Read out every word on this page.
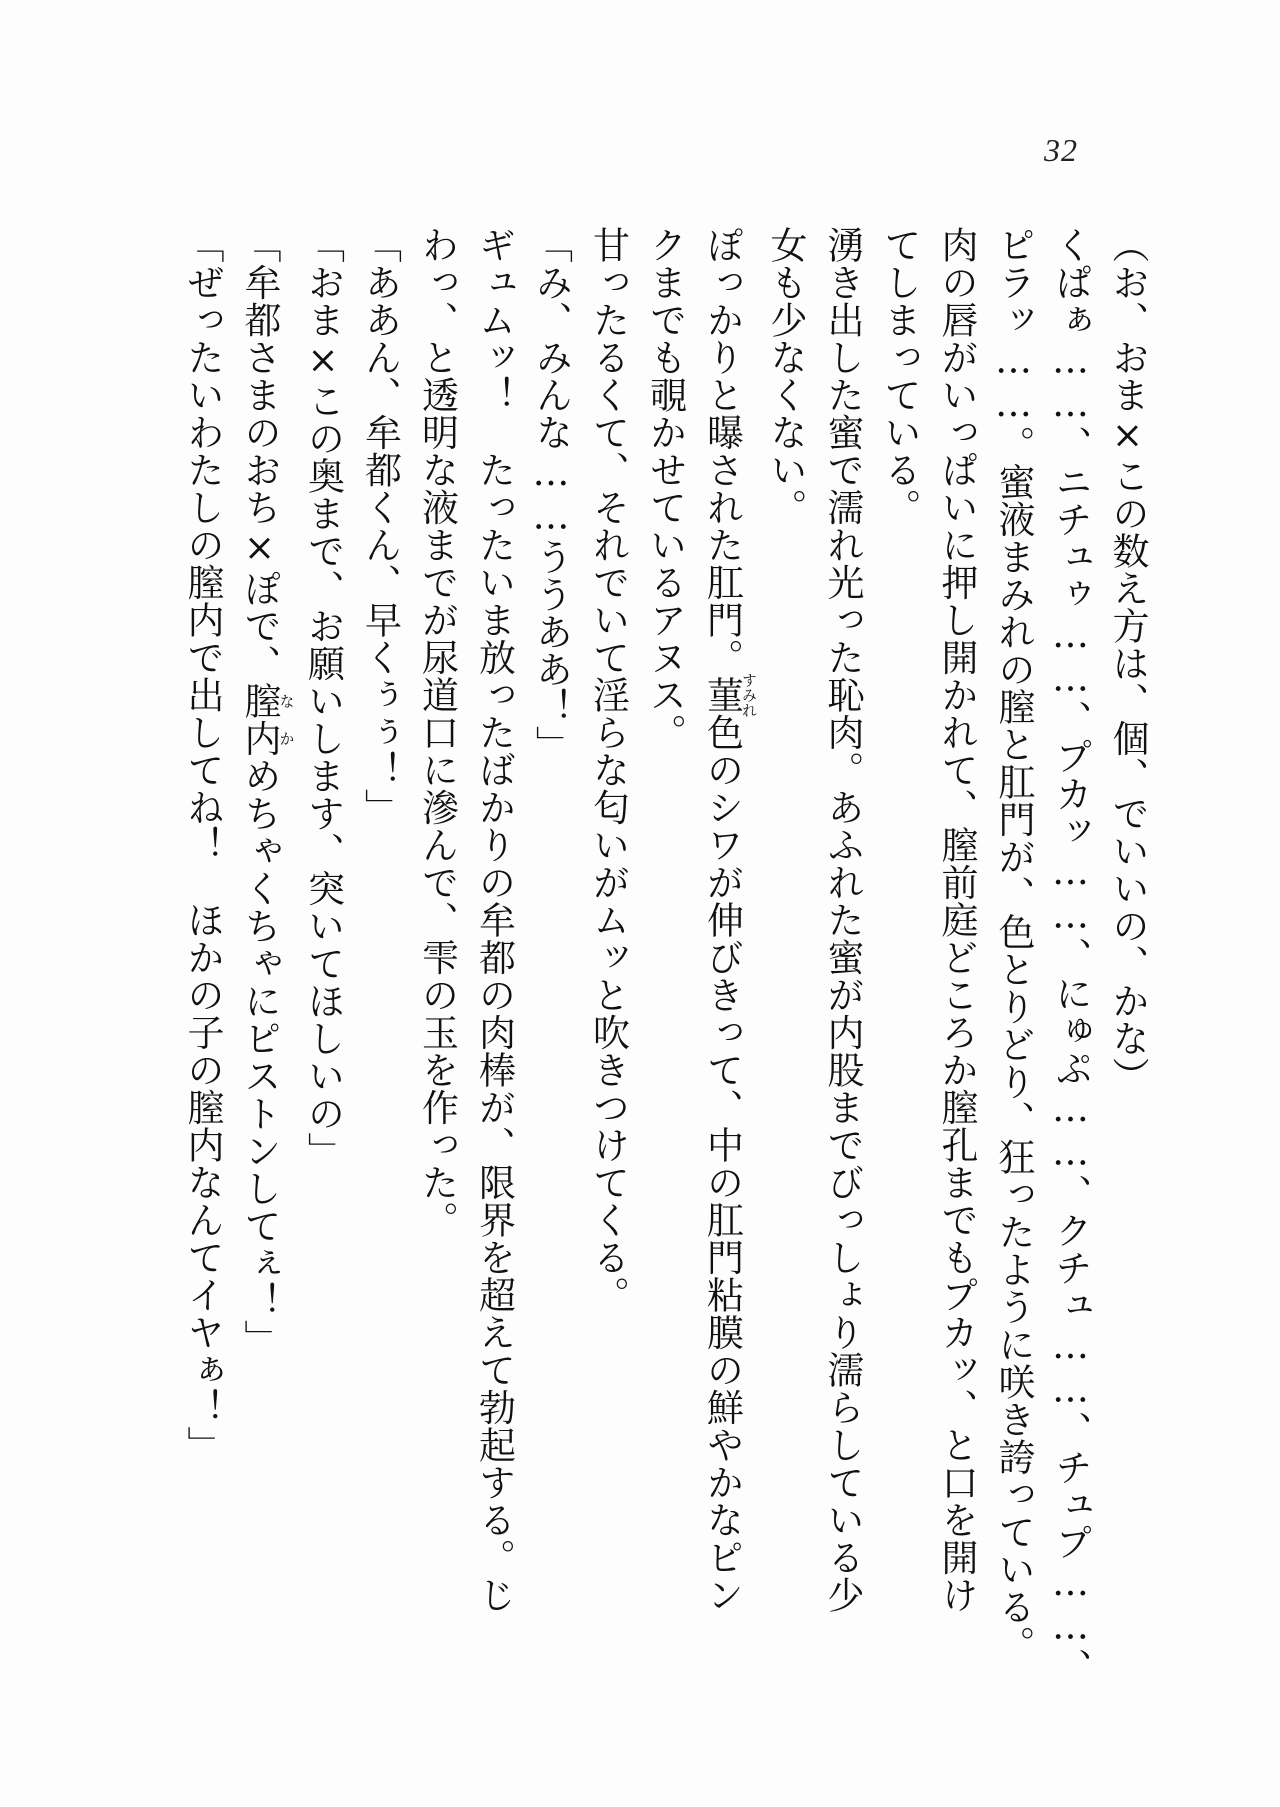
32
（お、おま×この数え方は、個、でいいの、かな）
くぱぁ……、ニチュゥ……、プカッ……、にゅぷ……、クチュ……、チュプ……、
ピラッ……。蜜液まみれの膣と肛門が、色とりどり、狂ったように咲き誇っている。
肉の唇がいっぱいに押し開かれて、膣前庭どころか膣孔までもプカッ、と口を開け
てしまっている。
湧き出した蜜で濡れ光った恥肉。あふれた蜜が内股までびっしょり濡らしている少
女も少なくない。
ぽっかりと曝された肛門。菫すみれ色のシワが伸びきって、中の肛門粘膜の鮮やかなピン
クまでも覗かせているアヌス。
甘ったるくて、それでいて淫らな匂いがムッと吹きつけてくる。
「み、みんな……ううああ！」
ギュムッ！　たったいま放ったばかりの牟都の肉棒が、限界を超えて勃起する。じ
わっ、と透明な液までが尿道口に滲んで、雫の玉を作った。
「ああん、牟都くん、早くぅぅ！」
「おま×この奥まで、お願いします、突いてほしいの」
「牟都さまのおち×ぽで、膣内なかめちゃくちゃにピストンしてぇ！」
「ぜったいわたしの膣内で出してね！　ほかの子の膣内なんてイヤぁ！」
